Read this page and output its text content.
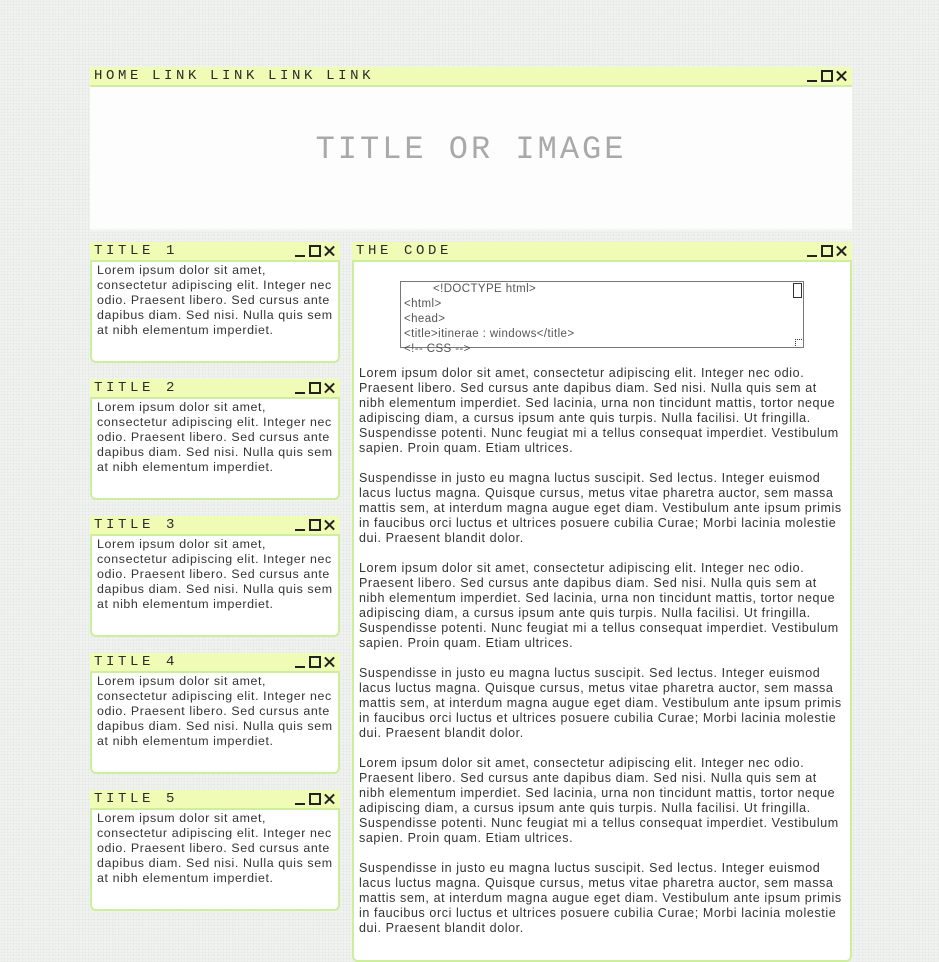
HOME LINK LINK LINK LINK
TITLE OR IMAGE
TITLE 1
Lorem ipsum dolor sit amet, consectetur adipiscing elit. Integer nec odio. Praesent libero. Sed cursus ante dapibus diam. Sed nisi. Nulla quis sem at nibh elementum imperdiet.
TITLE 2
Lorem ipsum dolor sit amet, consectetur adipiscing elit. Integer nec odio. Praesent libero. Sed cursus ante dapibus diam. Sed nisi. Nulla quis sem at nibh elementum imperdiet.
TITLE 3
Lorem ipsum dolor sit amet, consectetur adipiscing elit. Integer nec odio. Praesent libero. Sed cursus ante dapibus diam. Sed nisi. Nulla quis sem at nibh elementum imperdiet.
TITLE 4
Lorem ipsum dolor sit amet, consectetur adipiscing elit. Integer nec odio. Praesent libero. Sed cursus ante dapibus diam. Sed nisi. Nulla quis sem at nibh elementum imperdiet.
TITLE 5
Lorem ipsum dolor sit amet, consectetur adipiscing elit. Integer nec odio. Praesent libero. Sed cursus ante dapibus diam. Sed nisi. Nulla quis sem at nibh elementum imperdiet.
THE CODE
<!DOCTYPE html>
<html>
<head>
<title>itinerae : windows</title>
<!-- CSS -->

Lorem ipsum dolor sit amet, consectetur adipiscing elit. Integer nec odio. Praesent libero. Sed cursus ante dapibus diam. Sed nisi. Nulla quis sem at nibh elementum imperdiet. Sed lacinia, urna non tincidunt mattis, tortor neque adipiscing diam, a cursus ipsum ante quis turpis. Nulla facilisi. Ut fringilla. Suspendisse potenti. Nunc feugiat mi a tellus consequat imperdiet. Vestibulum sapien. Proin quam. Etiam ultrices.

Suspendisse in justo eu magna luctus suscipit. Sed lectus. Integer euismod lacus luctus magna. Quisque cursus, metus vitae pharetra auctor, sem massa mattis sem, at interdum magna augue eget diam. Vestibulum ante ipsum primis in faucibus orci luctus et ultrices posuere cubilia Curae; Morbi lacinia molestie dui. Praesent blandit dolor.

Lorem ipsum dolor sit amet, consectetur adipiscing elit. Integer nec odio. Praesent libero. Sed cursus ante dapibus diam. Sed nisi. Nulla quis sem at nibh elementum imperdiet. Sed lacinia, urna non tincidunt mattis, tortor neque adipiscing diam, a cursus ipsum ante quis turpis. Nulla facilisi. Ut fringilla. Suspendisse potenti. Nunc feugiat mi a tellus consequat imperdiet. Vestibulum sapien. Proin quam. Etiam ultrices.

Suspendisse in justo eu magna luctus suscipit. Sed lectus. Integer euismod lacus luctus magna. Quisque cursus, metus vitae pharetra auctor, sem massa mattis sem, at interdum magna augue eget diam. Vestibulum ante ipsum primis in faucibus orci luctus et ultrices posuere cubilia Curae; Morbi lacinia molestie dui. Praesent blandit dolor.

Lorem ipsum dolor sit amet, consectetur adipiscing elit. Integer nec odio. Praesent libero. Sed cursus ante dapibus diam. Sed nisi. Nulla quis sem at nibh elementum imperdiet. Sed lacinia, urna non tincidunt mattis, tortor neque adipiscing diam, a cursus ipsum ante quis turpis. Nulla facilisi. Ut fringilla. Suspendisse potenti. Nunc feugiat mi a tellus consequat imperdiet. Vestibulum sapien. Proin quam. Etiam ultrices.

Suspendisse in justo eu magna luctus suscipit. Sed lectus. Integer euismod lacus luctus magna. Quisque cursus, metus vitae pharetra auctor, sem massa mattis sem, at interdum magna augue eget diam. Vestibulum ante ipsum primis in faucibus orci luctus et ultrices posuere cubilia Curae; Morbi lacinia molestie dui. Praesent blandit dolor.
